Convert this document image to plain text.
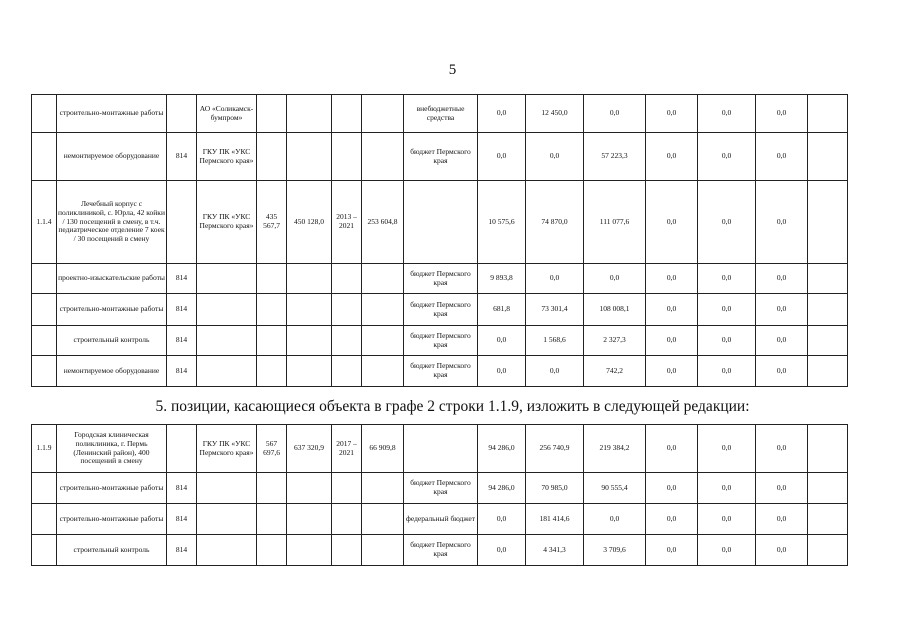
5
	строительно-монтажные работы		АО «Соликамск-бумпром»					внебюджетные средства	0,0	12 450,0	0,0	0,0	0,0	0,0	
	немонтируемое оборудование	814	ГКУ ПК «УКС Пермского края»					бюджет Пермского края	0,0	0,0	57 223,3	0,0	0,0	0,0	
1.1.4	Лечебный корпус с поликлиникой, с. Юрла, 42 койки / 130 посещений в смену, в т.ч. педиатрическое отделение 7 коек / 30 посещений в смену		ГКУ ПК «УКС Пермского края»	435 567,7	450 128,0	2013 – 2021	253 604,8		10 575,6	74 870,0	111 077,6	0,0	0,0	0,0	
	проектно-изыскательские работы	814						бюджет Пермского края	9 893,8	0,0	0,0	0,0	0,0	0,0	
	строительно-монтажные работы	814						бюджет Пермского края	681,8	73 301,4	108 008,1	0,0	0,0	0,0	
	строительный контроль	814						бюджет Пермского края	0,0	1 568,6	2 327,3	0,0	0,0	0,0	
	немонтируемое оборудование	814						бюджет Пермского края	0,0	0,0	742,2	0,0	0,0	0,0	
5. позиции, касающиеся объекта в графе 2 строки 1.1.9, изложить в следующей редакции:
1.1.9	Городская клиническая поликлиника, г. Пермь (Ленинский район), 400 посещений в смену		ГКУ ПК «УКС Пермского края»	567 697,6	637 320,9	2017 – 2021	66 909,8		94 286,0	256 740,9	219 384,2	0,0	0,0	0,0	
	строительно-монтажные работы	814						бюджет Пермского края	94 286,0	70 985,0	90 555,4	0,0	0,0	0,0	
	строительно-монтажные работы	814						федеральный бюджет	0,0	181 414,6	0,0	0,0	0,0	0,0	
	строительный контроль	814						бюджет Пермского края	0,0	4 341,3	3 709,6	0,0	0,0	0,0	
